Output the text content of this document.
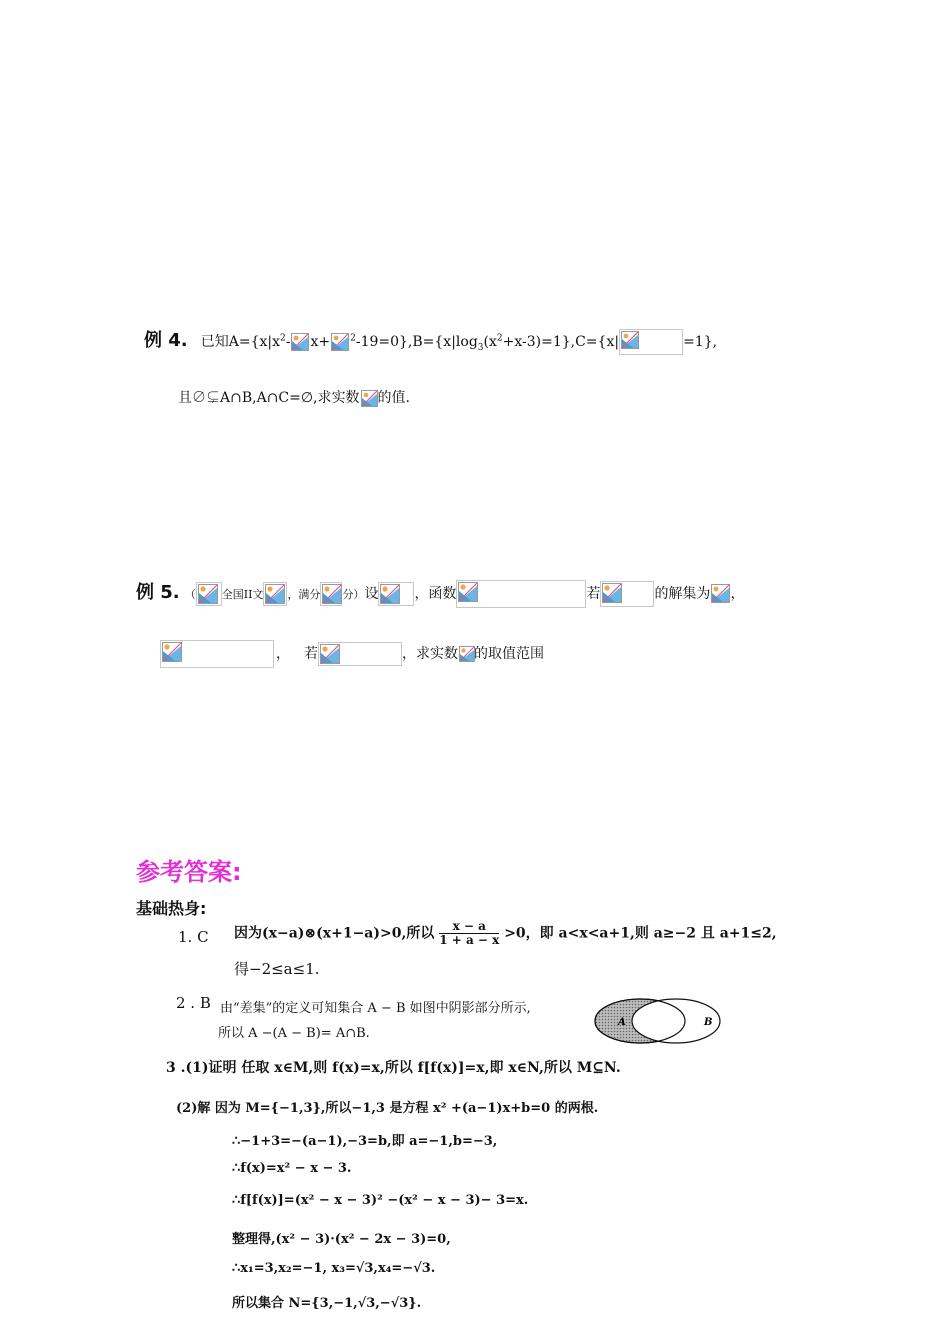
例 4. 已知$A=\{x|x^2-$ $x+ ^2-19=0\},B=\{x|\log_3(x^2+x-3)=1\},C=\{x|$	=1},
且∅⊊A∩B,A∩C=∅,求实数 的值.
例 5. （ 全国II文 ，满分 分）设	，函数	若	的解集为 ，
， 若	，求实数 的取值范围
参考答案:
基础热身:
1. C 因为(x−a)⊗(x+1−a)>0,所以 $\frac{x - a}{1 + a - x} >0$，即 a<x<a+1,则 a≥−2 且 a+1≤2,
得−2≤a≤1.
2 . B 由“差集”的定义可知集合 A − B 如图中阴影部分所示,
所以 A −(A − B)= A∩B.
A	B
3 .(1)证明 任取 x∈M,则 f(x)=x,所以 f[f(x)]=x,即 x∈N,所以 M⊆N.
(2)解 因为 M={−1,3},所以−1,3 是方程 x² +(a−1)x+b=0 的两根.
∴−1+3=−(a−1),−3=b,即 a=−1,b=−3,
∴f(x)=x² − x − 3.
∴f[f(x)]=(x² − x − 3)² −(x² − x − 3)− 3=x.
整理得,(x² − 3)·(x² − 2x − 3)=0,
∴x₁=3,x₂=−1, x₃=√3,x₄=−√3.
所以集合 N={3,−1,√3,−√3}.
